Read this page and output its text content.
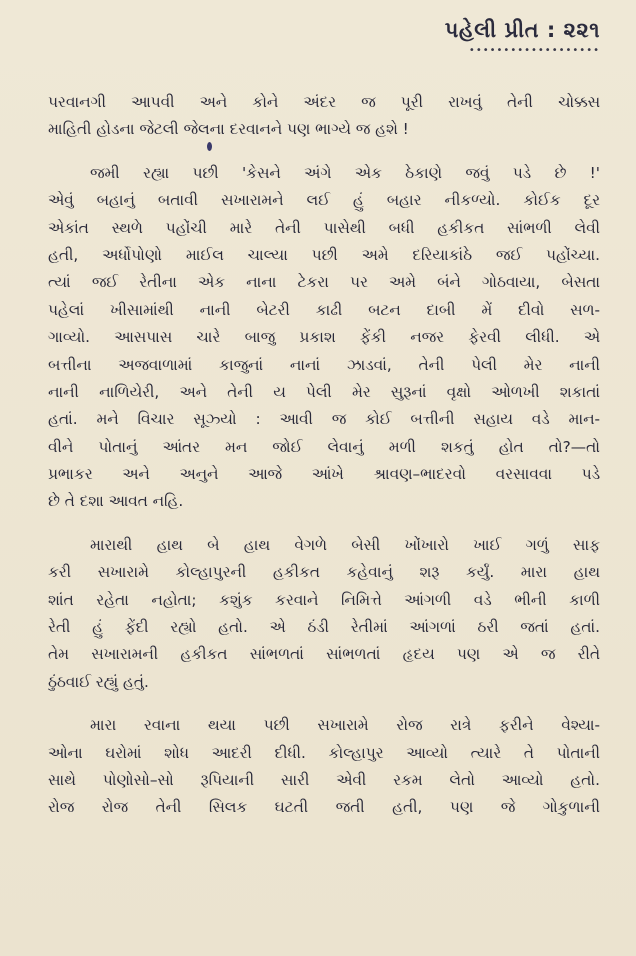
પહેલી પ્રીત : ૨૨૧
•••••••••••••••••••
પરવાનગી આપવી અને કોને અંદર જ પૂરી રાખવું તેની ચોક્કસ
માહિતી હોડના જેટલી જેલના દરવાનને પણ ભાગ્યે જ હશે !
જમી રહ્યા પછી 'કેસને અંગે એક ઠેકાણે જવું પડે છે !'
એવું બહાનું બતાવી સખારામને લઈ હું બહાર નીકળ્યો. કોઈક દૂર
એકાંત સ્થળે પહોંચી મારે તેની પાસેથી બધી હકીકત સાંભળી લેવી
હતી, અર્ધોપોણો માઈલ ચાલ્યા પછી અમે દરિયાકાંઠે જઈ પહોંચ્યા.
ત્યાં જઈ રેતીના એક નાના ટેકરા પર અમે બંને ગોઠવાયા, બેસતા
પહેલાં ખીસામાંથી નાની બેટરી કાઢી બટન દાબી મેં દીવો સળ-
ગાવ્યો. આસપાસ ચારે બાજુ પ્રકાશ ફેંકી નજર ફેરવી લીધી. એ
બત્તીના અજવાળામાં કાજુનાં નાનાં ઝાડવાં, તેની પેલી મેર નાની
નાની નાળિયેરી, અને તેની ય પેલી મેર સુરૂનાં વૃક્ષો ઓળખી શકાતાં
હતાં. મને વિચાર સૂઝ્યો : આવી જ કોઈ બત્તીની સહાય વડે માન-
વીને પોતાનું આંતર મન જોઈ લેવાનું મળી શકતું હોત તો?—તો
પ્રભાકર અને અનુને આજે આંખે શ્રાવણ–ભાદરવો વરસાવવા પડે
છે તે દશા આવત નહિ.
મારાથી હાથ બે હાથ વેગળે બેસી ખોંખારો ખાઈ ગળું સાફ
કરી સખારામે કોલ્હાપુરની હકીકત કહેવાનું શરૂ કર્યું. મારા હાથ
શાંત રહેતા નહોતા; કશુંક કરવાને નિમિત્તે આંગળી વડે ભીની કાળી
રેતી હું ફેંદી રહ્યો હતો. એ ઠંડી રેતીમાં આંગળાં ઠરી જતાં હતાં.
તેમ સખારામની હકીકત સાંભળતાં સાંભળતાં હૃદય પણ એ જ રીતે
ઠુંઠવાઈ રહ્યું હતું.
મારા રવાના થયા પછી સખારામે રોજ રાત્રે ફરીને વેશ્યા-
ઓના ઘરોમાં શોધ આદરી દીધી. કોલ્હાપુર આવ્યો ત્યારે તે પોતાની
સાથે પોણોસો–સો રૂપિયાની સારી એવી રકમ લેતો આવ્યો હતો.
રોજ રોજ તેની સિલક ઘટતી જતી હતી, પણ જે ગોકુળાની
